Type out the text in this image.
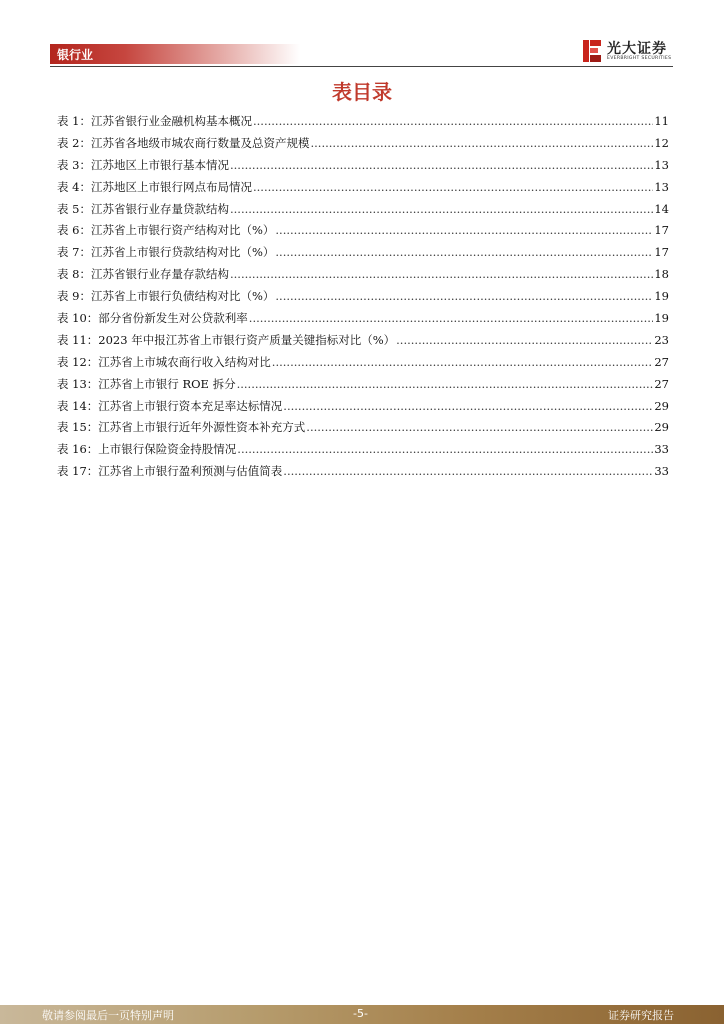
银行业	光大证券
EVERBRIGHT SECURITIES
表目录
表 1：江苏省银行业金融机构基本概况 .....	11
表 2：江苏省各地级市城农商行数量及总资产规模 .....	12
表 3：江苏地区上市银行基本情况 .....	13
表 4：江苏地区上市银行网点布局情况 .....	13
表 5：江苏省银行业存量贷款结构 .....	14
表 6：江苏省上市银行资产结构对比（%） .....	17
表 7：江苏省上市银行贷款结构对比（%） .....	17
表 8：江苏省银行业存量存款结构 .....	18
表 9：江苏省上市银行负债结构对比（%） .....	19
表 10：部分省份新发生对公贷款利率 .....	19
表 11：2023 年中报江苏省上市银行资产质量关键指标对比（%） .....	23
表 12：江苏省上市城农商行收入结构对比 .....	27
表 13：江苏省上市银行 ROE 拆分 .....	27
表 14：江苏省上市银行资本充足率达标情况 .....	29
表 15：江苏省上市银行近年外源性资本补充方式 .....	29
表 16：上市银行保险资金持股情况 .....	33
表 17：江苏省上市银行盈利预测与估值简表 .....	33
敬请参阅最后一页特别声明	-5-	证券研究报告
